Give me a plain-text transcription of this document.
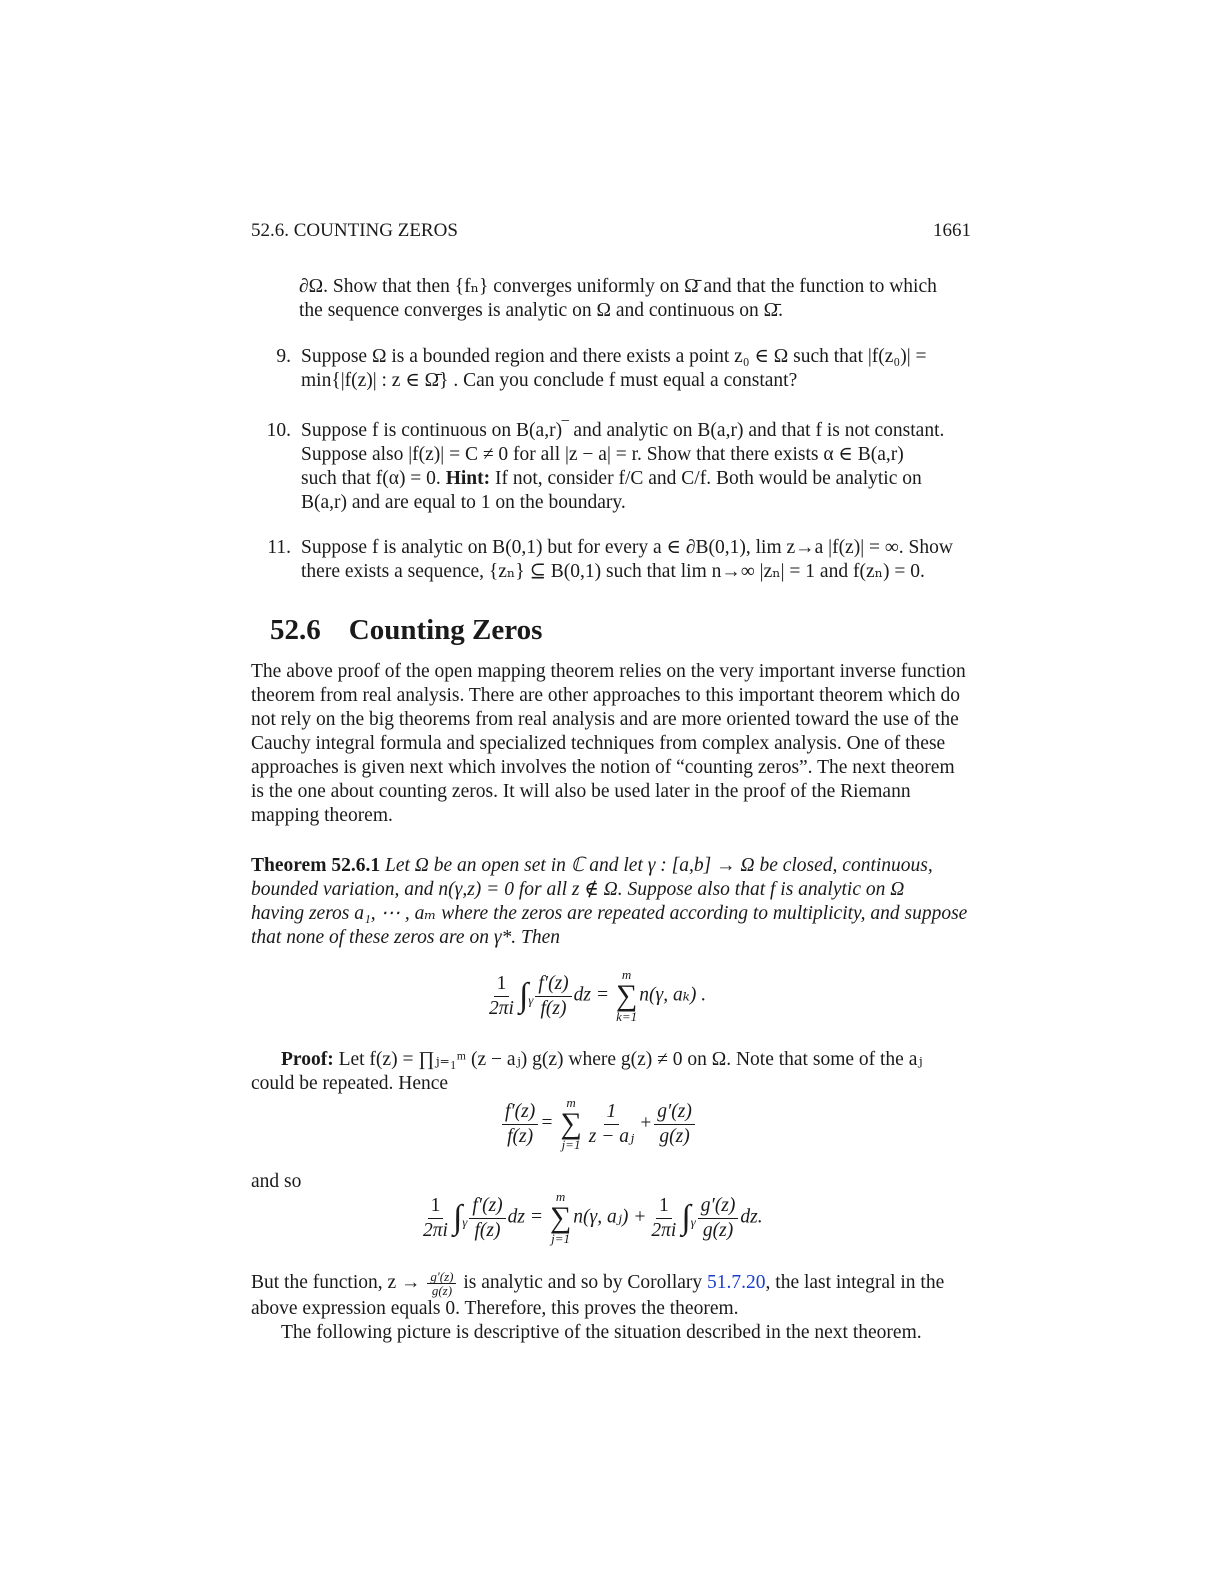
52.6. COUNTING ZEROS	1661
∂Ω. Show that then {fₙ} converges uniformly on Ω̄ and that the function to which
the sequence converges is analytic on Ω and continuous on Ω̄.
9. Suppose Ω is a bounded region and there exists a point z₀ ∈ Ω such that |f(z₀)| =
min{|f(z)| : z ∈ Ω̄} . Can you conclude f must equal a constant?
10. Suppose f is continuous on B(a,r)‾ and analytic on B(a,r) and that f is not constant.
Suppose also |f(z)| = C ≠ 0 for all |z − a| = r. Show that there exists α ∈ B(a,r)
such that f(α) = 0. Hint: If not, consider f/C and C/f. Both would be analytic on
B(a,r) and are equal to 1 on the boundary.
11. Suppose f is analytic on B(0,1) but for every a ∈ ∂B(0,1), lim z→a |f(z)| = ∞. Show
there exists a sequence, {zₙ} ⊆ B(0,1) such that lim n→∞ |zₙ| = 1 and f(zₙ) = 0.
52.6 Counting Zeros
The above proof of the open mapping theorem relies on the very important inverse function
theorem from real analysis. There are other approaches to this important theorem which do
not rely on the big theorems from real analysis and are more oriented toward the use of the
Cauchy integral formula and specialized techniques from complex analysis. One of these
approaches is given next which involves the notion of “counting zeros”. The next theorem
is the one about counting zeros. It will also be used later in the proof of the Riemann
mapping theorem.
Theorem 52.6.1 Let Ω be an open set in ℂ and let γ : [a,b] → Ω be closed, continuous,
bounded variation, and n(γ,z) = 0 for all z ∉ Ω. Suppose also that f is analytic on Ω
having zeros a₁, ⋯ , aₘ where the zeros are repeated according to multiplicity, and suppose
that none of these zeros are on γ*. Then
$\frac{1}{2\pi i} \int_\gamma \frac{f'(z)}{f(z)}$ dz =
m
∑
k=1
n(γ, aₖ) .
Proof: Let f(z) = ∏ⱼ₌₁ᵐ (z − aⱼ) g(z) where g(z) ≠ 0 on Ω. Note that some of the aⱼ
could be repeated. Hence
$\frac{f'(z)}{f(z)}$ =
m
∑
$j=1 \frac{1}{\text{z − aⱼ}} + \frac{g'(z)}{g(z)}$
and so
$\frac{1}{2\pi i} \int_\gamma \frac{f'(z)}{f(z)}$ dz =
m
∑
j=1
n(γ, aⱼ) + $\frac{1}{2\pi i} \int_\gamma \frac{g'(z)}{g(z)}$ dz.
But the function, $z \to \frac{g'(z)}{g(z)}$ is analytic and so by Corollary 51.7.20, the last integral in the
above expression equals 0. Therefore, this proves the theorem.
The following picture is descriptive of the situation described in the next theorem.
